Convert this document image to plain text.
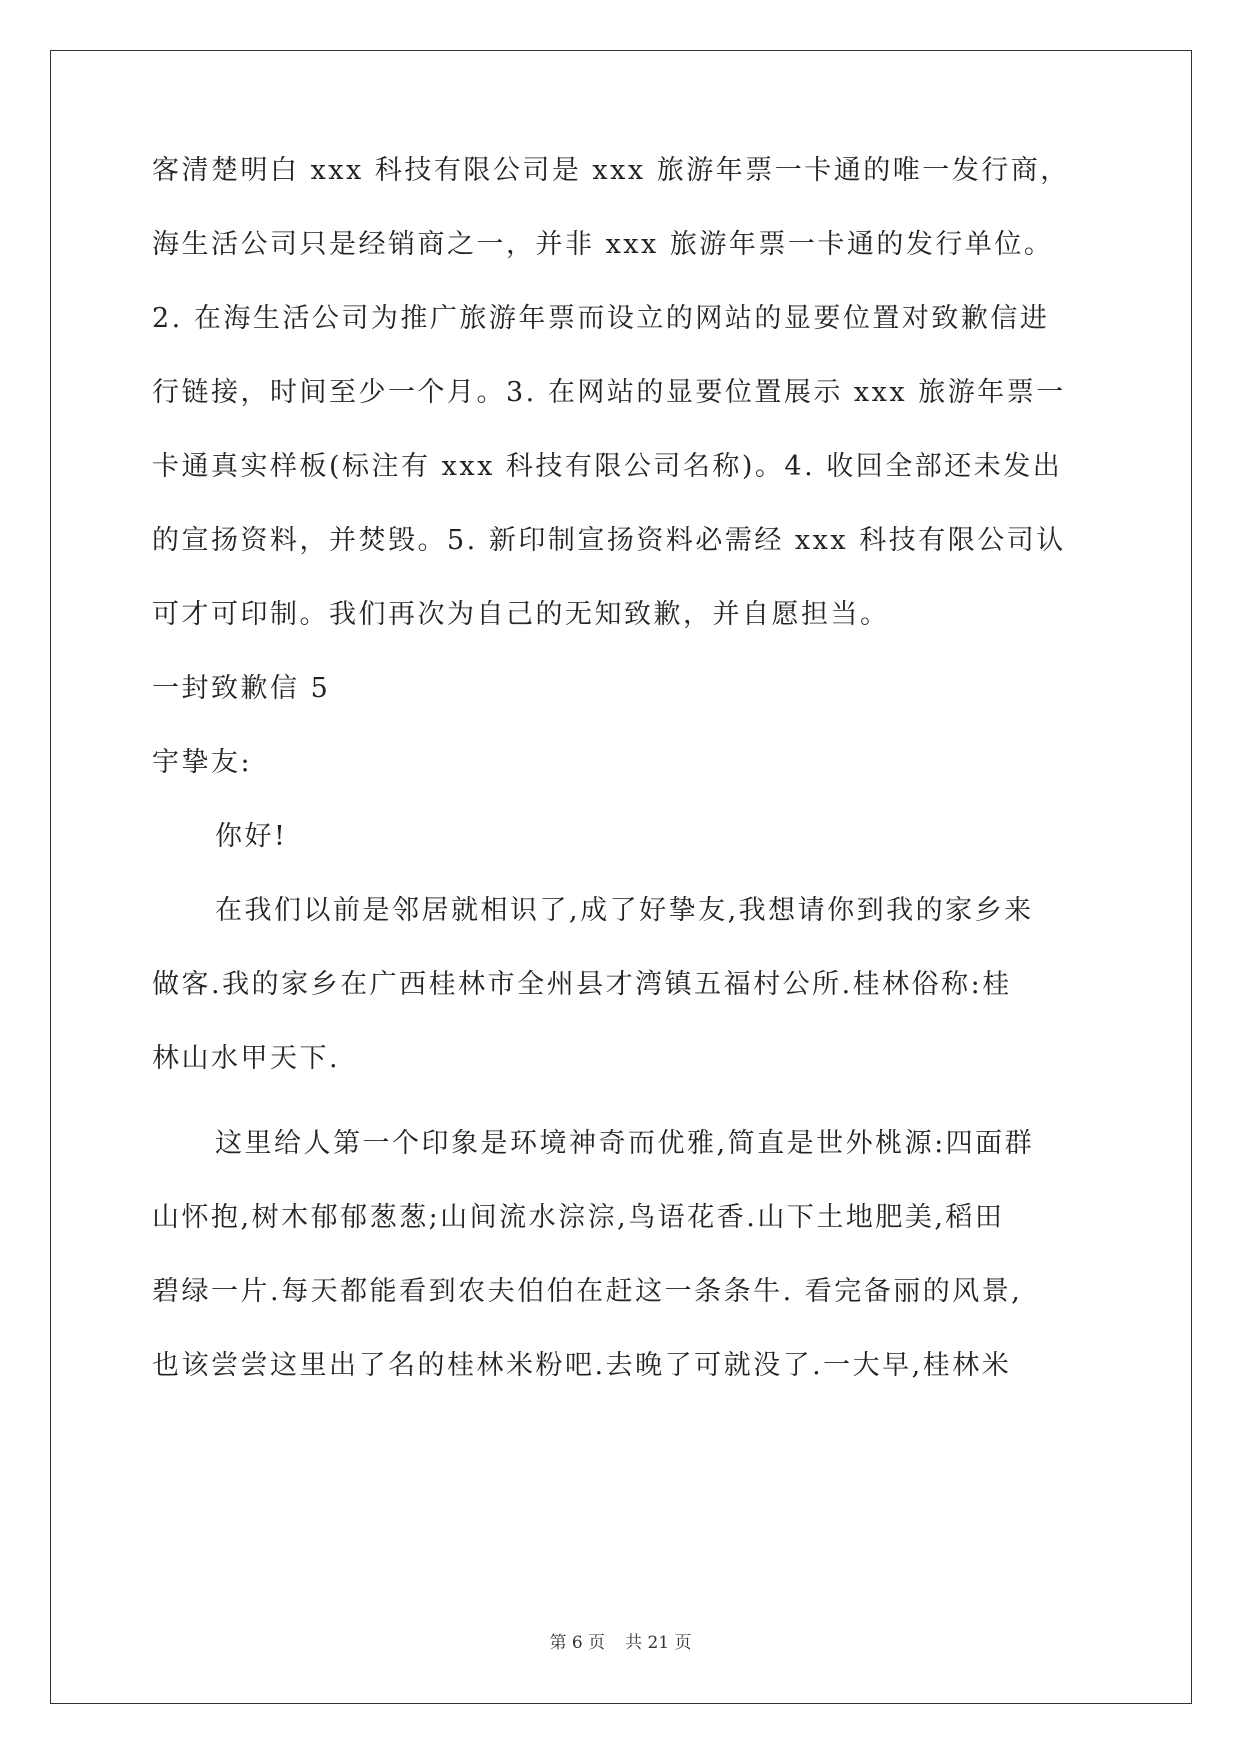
客清楚明白 xxx 科技有限公司是 xxx 旅游年票一卡通的唯一发行商，
海生活公司只是经销商之一，并非 xxx 旅游年票一卡通的发行单位。
2. 在海生活公司为推广旅游年票而设立的网站的显要位置对致歉信进
行链接，时间至少一个月。3. 在网站的显要位置展示 xxx 旅游年票一
卡通真实样板(标注有 xxx 科技有限公司名称)。4. 收回全部还未发出
的宣扬资料，并焚毁。5. 新印制宣扬资料必需经 xxx 科技有限公司认
可才可印制。我们再次为自己的无知致歉，并自愿担当。
一封致歉信 5
宇挚友:
你好!
在我们以前是邻居就相识了,成了好挚友,我想请你到我的家乡来
做客.我的家乡在广西桂林市全州县才湾镇五福村公所.桂林俗称:桂
林山水甲天下.
这里给人第一个印象是环境神奇而优雅,简直是世外桃源:四面群
山怀抱,树木郁郁葱葱;山间流水淙淙,鸟语花香.山下土地肥美,稻田
碧绿一片.每天都能看到农夫伯伯在赶这一条条牛. 看完备丽的风景,
也该尝尝这里出了名的桂林米粉吧.去晚了可就没了.一大早,桂林米
第 6 页 共 21 页
